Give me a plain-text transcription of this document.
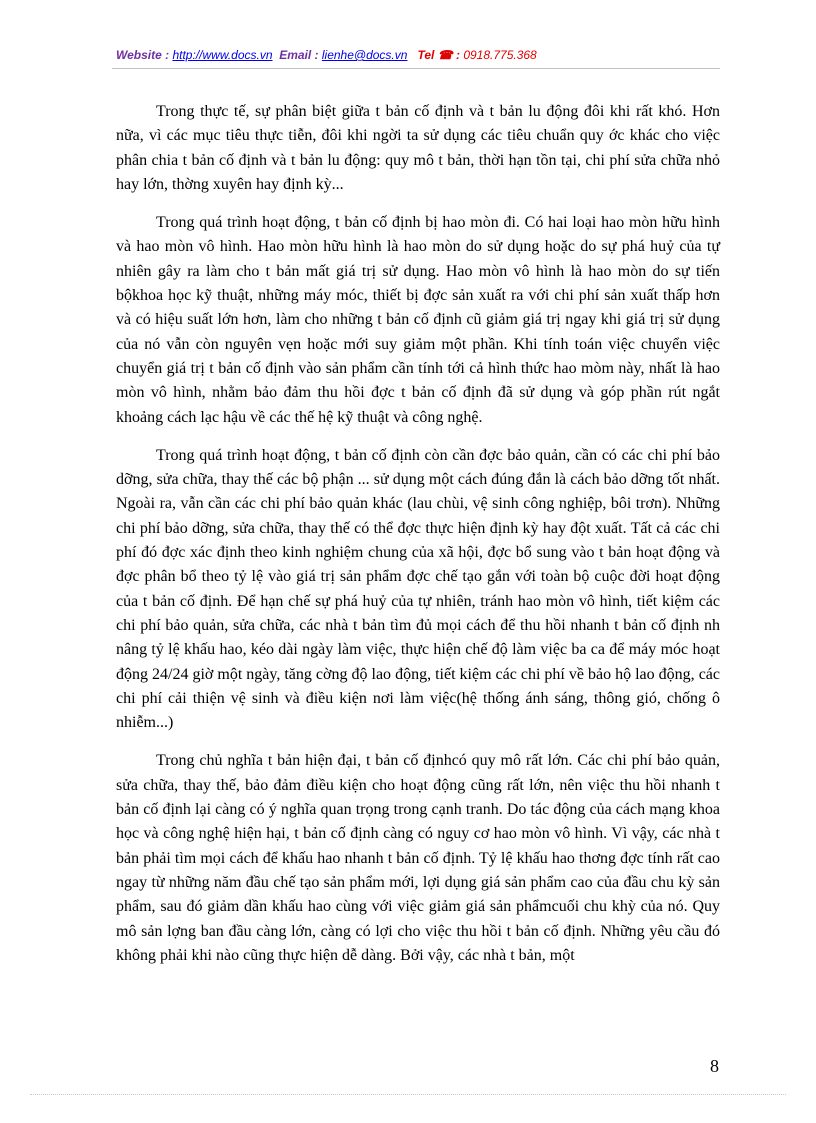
Website : http://www.docs.vn Email : lienhe@docs.vn Tel ☎ : 0918.775.368

Trong thực tế, sự phân biệt giữa t bản cố định và t bản lu động đôi khi rất khó. Hơn nữa, vì các mục tiêu thực tiễn, đôi khi ngời ta sử dụng các tiêu chuẩn quy ớc khác cho việc phân chia t bản cố định và t bản lu động: quy mô t bản, thời hạn tồn tại, chi phí sửa chữa nhỏ hay lớn, thờng xuyên hay định kỳ...

Trong quá trình hoạt động, t bản cố định bị hao mòn đi. Có hai loại hao mòn hữu hình và hao mòn vô hình. Hao mòn hữu hình là hao mòn do sử dụng hoặc do sự phá huỷ của tự nhiên gây ra làm cho t bản mất giá trị sử dụng. Hao mòn vô hình là hao mòn do sự tiến bộkhoa học kỹ thuật, những máy móc, thiết bị đợc sản xuất ra với chi phí sản xuất thấp hơn và có hiệu suất lớn hơn, làm cho những t bản cố định cũ giảm giá trị ngay khi giá trị sử dụng của nó vẫn còn nguyên vẹn hoặc mới suy giảm một phần. Khi tính toán việc chuyển việc chuyển giá trị t bản cố định vào sản phẩm cần tính tới cả hình thức hao mòm này, nhất là hao mòn vô hình, nhằm bảo đảm thu hồi đợc t bản cố định đã sử dụng và góp phần rút ngắt khoảng cách lạc hậu về các thế hệ kỹ thuật và công nghệ.

Trong quá trình hoạt động, t bản cố định còn cần đợc bảo quản, cần có các chi phí bảo dỡng, sửa chữa, thay thế các bộ phận ... sử dụng một cách đúng đắn là cách bảo dỡng tốt nhất. Ngoài ra, vẫn cần các chi phí bảo quản khác (lau chùi, vệ sinh công nghiệp, bôi trơn). Những chi phí bảo dỡng, sửa chữa, thay thế có thể đợc thực hiện định kỳ hay đột xuất. Tất cả các chi phí đó đợc xác định theo kinh nghiệm chung của xã hội, đợc bổ sung vào t bản hoạt động và đợc phân bổ theo tỷ lệ vào giá trị sản phẩm đợc chế tạo gắn với toàn bộ cuộc đời hoạt động của t bản cố định. Để hạn chế sự phá huỷ của tự nhiên, tránh hao mòn vô hình, tiết kiệm các chi phí bảo quản, sửa chữa, các nhà t bản tìm đủ mọi cách để thu hồi nhanh t bản cố định nh nâng tỷ lệ khấu hao, kéo dài ngày làm việc, thực hiện chế độ làm việc ba ca để máy móc hoạt động 24/24 giờ một ngày, tăng cờng độ lao động, tiết kiệm các chi phí về bảo hộ lao động, các chi phí cải thiện vệ sinh và điều kiện nơi làm việc(hệ thống ánh sáng, thông gió, chống ô nhiễm...)

Trong chủ nghĩa t bản hiện đại, t bản cố địnhcó quy mô rất lớn. Các chi phí bảo quản, sửa chữa, thay thế, bảo đảm điều kiện cho hoạt động cũng rất lớn, nên việc thu hồi nhanh t bản cố định lại càng có ý nghĩa quan trọng trong cạnh tranh. Do tác động của cách mạng khoa học và công nghệ hiện hại, t bản cố định càng có nguy cơ hao mòn vô hình. Vì vậy, các nhà t bản phải tìm mọi cách để khấu hao nhanh t bản cố định. Tỷ lệ khấu hao thơng đợc tính rất cao ngay từ những năm đầu chế tạo sản phẩm mới, lợi dụng giá sản phẩm cao của đầu chu kỳ sản phẩm, sau đó giảm dần khấu hao cùng với việc giảm giá sản phẩmcuối chu khỳ của nó. Quy mô sản lợng ban đầu càng lớn, càng có lợi cho việc thu hồi t bản cố định. Những yêu cầu đó không phải khi nào cũng thực hiện dễ dàng. Bởi vậy, các nhà t bản, một

8
